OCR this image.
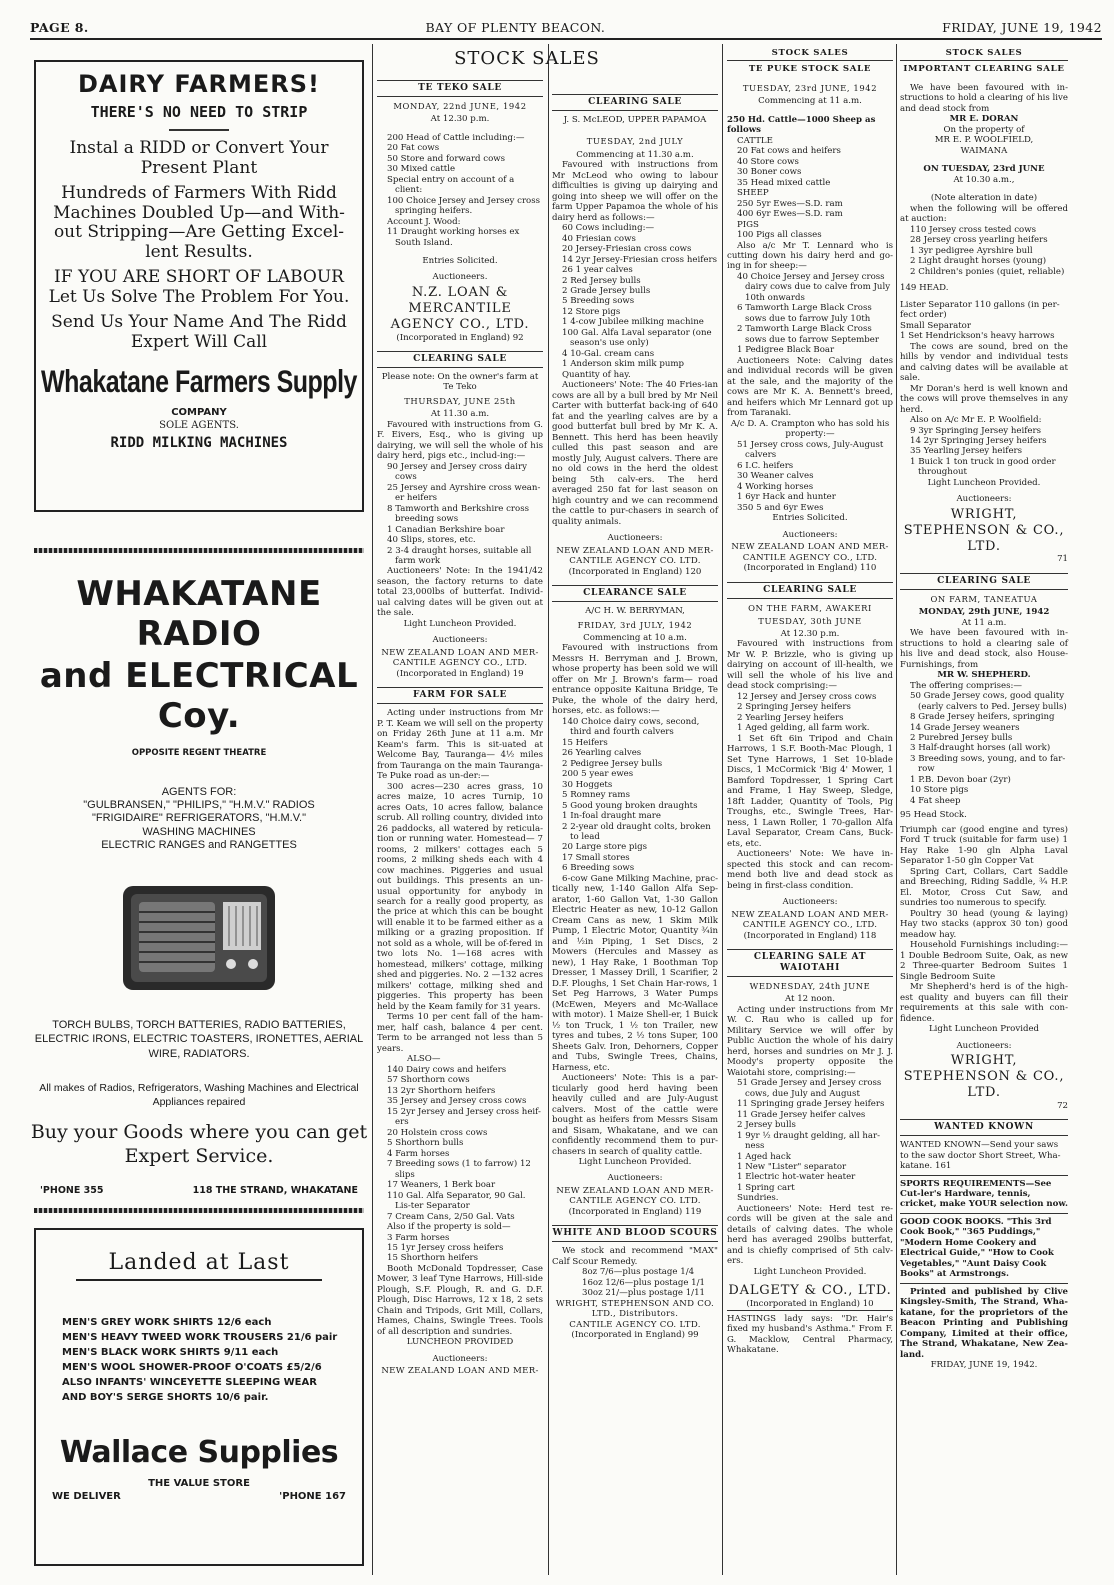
PAGE 8.	BAY OF PLENTY BEACON.	FRIDAY, JUNE 19, 1942
DAIRY FARMERS!
THERE'S NO NEED TO STRIP

Instal a RIDD or Convert Your Present Plant

Hundreds of Farmers With Ridd Machines Doubled Up—and With-out Stripping—Are Getting Excel-lent Results.

IF YOU ARE SHORT OF LABOUR Let Us Solve The Problem For You.

Send Us Your Name And The Ridd Expert Will Call

Whakatane Farmers Supply
COMPANY
SOLE AGENTS.
RIDD MILKING MACHINES
WHAKATANE RADIO
and ELECTRICAL Coy.
OPPOSITE REGENT THEATRE
AGENTS FOR:
"GULBRANSEN," "PHILIPS," "H.M.V." RADIOS
"FRIGIDAIRE" REFRIGERATORS, "H.M.V."
WASHING MACHINES
ELECTRIC RANGES and RANGETTES

TORCH BULBS, TORCH BATTERIES, RADIO BATTERIES, ELECTRIC IRONS, ELECTRIC TOASTERS, IRONETTES, AERIAL WIRE, RADIATORS.

All makes of Radios, Refrigerators, Washing Machines and Electrical Appliances repaired

Buy your Goods where you can get Expert Service.

'PHONE 355	118 THE STRAND, WHAKATANE
Landed at Last
MEN'S GREY WORK SHIRTS 12/6 each
MEN'S HEAVY TWEED WORK TROUSERS 21/6 pair
MEN'S BLACK WORK SHIRTS 9/11 each
MEN'S WOOL SHOWER-PROOF O'COATS £5/2/6
ALSO INFANTS' WINCEYETTE SLEEPING WEAR
AND BOY'S SERGE SHORTS 10/6 pair.
Wallace Supplies
THE VALUE STORE
WE DELIVER	'PHONE 167
STOCK SALES
TE TEKO SALE
MONDAY, 22nd JUNE, 1942
At 12.30 p.m.
200 Head of Cattle including:—
20 Fat cows
50 Store and forward cows
30 Mixed cattle
Special entry on account of a client:
100 Choice Jersey and Jersey cross springing heifers.
Account J. Wood:
11 Draught working horses ex South Island.
Entries Solicited.
Auctioneers.
N.Z. LOAN & MERCANTILE AGENCY CO., LTD.
(Incorporated in England) 92
CLEARING SALE

Please note: On the owner's farm at Te Teko

THURSDAY, JUNE 25th
At 11.30 a.m.

Favoured with instructions from G. F. Eivers, Esq., who is giving up dairying, we will sell the whole of his dairy herd, pigs etc., includ-ing:—

90 Jersey and Jersey cross dairy cows
25 Jersey and Ayrshire cross wean-er heifers
8 Tamworth and Berkshire cross breeding sows
1 Canadian Berkshire boar
40 Slips, stores, etc.
2 3-4 draught horses, suitable all farm work

Auctioneers' Note: In the 1941/42 season, the factory returns to date total 23,000lbs of butterfat. Individ-ual calving dates will be given out at the sale.

Light Luncheon Provided.
Auctioneers:
NEW ZEALAND LOAN AND MER-CANTILE AGENCY CO., LTD.
(Incorporated in England) 19
FARM FOR SALE

Acting under instructions from Mr P. T. Keam we will sell on the property on Friday 26th June at 11 a.m. Mr Keam's farm. This is sit-uated at Welcome Bay, Tauranga— 4½ miles from Tauranga on the main Tauranga-Te Puke road as un-der:—

300 acres—230 acres grass, 10 acres maize, 10 acres Turnip, 10 acres Oats, 10 acres fallow, balance scrub. All rolling country, divided into 26 paddocks, all watered by reticula-tion or running water. Homestead— 7 rooms, 2 milkers' cottages each 5 rooms, 2 milking sheds each with 4 cow machines. Piggeries and usual out buildings. This presents an un-usual opportunity for anybody in search for a really good property, as the price at which this can be bought will enable it to be farmed either as a milking or a grazing proposition. If not sold as a whole, will be of-fered in two lots No. 1—168 acres with homestead, milkers' cottage, milking shed and piggeries. No. 2 —132 acres milkers' cottage, milking shed and piggeries. This property has been held by the Keam family for 31 years.

Terms 10 per cent fall of the ham-mer, half cash, balance 4 per cent. Term to be arranged not less than 5 years.

ALSO—
140 Dairy cows and heifers
57 Shorthorn cows
13 2yr Shorthorn heifers
35 Jersey and Jersey cross cows
15 2yr Jersey and Jersey cross heif-ers
20 Holstein cross cows
5 Shorthorn bulls
4 Farm horses
7 Breeding sows (1 to farrow) 12 slips
17 Weaners, 1 Berk boar
110 Gal. Alfa Separator, 90 Gal. Lis-ter Separator
7 Cream Cans, 2/50 Gal. Vats
Also if the property is sold—
3 Farm horses
15 1yr Jersey cross heifers
15 Shorthorn heifers

Booth McDonald Topdresser, Case Mower, 3 leaf Tyne Harrows, Hill-side Plough, S.F. Plough, R. and G. D.F. Plough, Disc Harrows, 12 x 18, 2 sets Chain and Tripods, Grit Mill, Collars, Hames, Chains, Swingle Trees. Tools of all description and sundries.

LUNCHEON PROVIDED
Auctioneers:
NEW ZEALAND LOAN AND MER-
CLEARING SALE
J. S. McLEOD, UPPER PAPAMOA
TUESDAY, 2nd JULY
Commencing at 11.30 a.m.

Favoured with instructions from Mr McLeod who owing to labour difficulties is giving up dairying and going into sheep we will offer on the farm Upper Papamoa the whole of his dairy herd as follows:—

60 Cows including:—
40 Friesian cows
20 Jersey-Friesian cross cows
14 2yr Jersey-Friesian cross heifers
26 1 year calves
2 Red Jersey bulls
2 Grade Jersey bulls
5 Breeding sows
12 Store pigs
1 4-cow Jubilee milking machine
100 Gal. Alfa Laval separator (one season's use only)
4 10-Gal. cream cans
1 Anderson skim milk pump
Quantity of hay.

Auctioneers' Note: The 40 Fries-ian cows are all by a bull bred by Mr Neil Carter with butterfat back-ing of 640 fat and the yearling calves are by a good butterfat bull bred by Mr K. A. Bennett. This herd has been heavily culled this past season and are mostly July, August calvers. There are no old cows in the herd the oldest being 5th calv-ers. The herd averaged 250 fat for last season on high country and we can recommend the cattle to pur-chasers in search of quality animals.

Auctioneers:
NEW ZEALAND LOAN AND MER-CANTILE AGENCY CO. LTD.
(Incorporated in England) 120
CLEARANCE SALE
A/C H. W. BERRYMAN,
FRIDAY, 3rd JULY, 1942
Commencing at 10 a.m.

Favoured with instructions from Messrs H. Berryman and J. Brown, whose property has been sold we will offer on Mr J. Brown's farm— road entrance opposite Kaituna Bridge, Te Puke, the whole of the dairy herd, horses, etc. as follows:—

140 Choice dairy cows, second, third and fourth calvers
15 Heifers
26 Yearling calves
2 Pedigree Jersey bulls
200 5 year ewes
30 Hoggets
5 Romney rams
5 Good young broken draughts
1 In-foal draught mare
2 2-year old draught colts, broken to lead
20 Large store pigs
17 Small stores
6 Breeding sows

6-cow Gane Milking Machine, prac-tically new, 1-140 Gallon Alfa Sep-arator, 1-60 Gallon Vat, 1-30 Gallon Electric Heater as new, 10-12 Gallon Cream Cans as new, 1 Skim Milk Pump, 1 Electric Motor, Quantity ¾in and ½in Piping, 1 Set Discs, 2 Mowers (Hercules and Massey as new), 1 Hay Rake, 1 Boothman Top Dresser, 1 Massey Drill, 1 Scarifier, 2 D.F. Ploughs, 1 Set Chain Har-rows, 1 Set Peg Harrows, 3 Water Pumps (McEwen, Meyers and Mc-Wallace with motor). 1 Maize Shell-er, 1 Buick ½ ton Truck, 1 ½ ton Trailer, new tyres and tubes, 2 ½ tons Super, 100 Sheets Galv. Iron, Dehorners, Copper and Tubs, Swingle Trees, Chains, Harness, etc.

Auctioneers' Note: This is a par-ticularly good herd having been heavily culled and are July-August calvers. Most of the cattle were bought as heifers from Messrs Sisam and Sisam, Whakatane, and we can confidently recommend them to pur-chasers in search of quality cattle.

Light Luncheon Provided.
Auctioneers:
NEW ZEALAND LOAN AND MER-CANTILE AGENCY CO. LTD.
(Incorporated in England) 119
WHITE AND BLOOD SCOURS

We stock and recommend "MAX" Calf Scour Remedy.

8oz 7/6—plus postage 1/4
16oz 12/6—plus postage 1/1
30oz 21/—plus postage 1/11
WRIGHT, STEPHENSON AND CO. LTD., Distributors.
CANTILE AGENCY CO. LTD.
(Incorporated in England) 99
STOCK SALES
TE PUKE STOCK SALE
TUESDAY, 23rd JUNE, 1942
Commencing at 11 a.m.
250 Hd. Cattle—1000 Sheep as follows
CATTLE
20 Fat cows and heifers
40 Store cows
30 Boner cows
35 Head mixed cattle
SHEEP
250 5yr Ewes—S.D. ram
400 6yr Ewes—S.D. ram
PIGS
100 Pigs all classes

Also a/c Mr T. Lennard who is cutting down his dairy herd and go-ing in for sheep:—

40 Choice Jersey and Jersey cross dairy cows due to calve from July 10th onwards
6 Tamworth Large Black Cross sows due to farrow July 10th
2 Tamworth Large Black Cross sows due to farrow September
1 Pedigree Black Boar

Auctioneers Note: Calving dates and individual records will be given at the sale, and the majority of the cows are Mr K. A. Bennett's breed, and heifers which Mr Lennard got up from Taranaki.

A/c D. A. Crampton who has sold his property:—
51 Jersey cross cows, July-August calvers
6 I.C. heifers
30 Weaner calves
4 Working horses
1 6yr Hack and hunter
350 5 and 6yr Ewes
Entries Solicited.
Auctioneers:
NEW ZEALAND LOAN AND MER-CANTILE AGENCY CO., LTD.
(Incorporated in England) 110
CLEARING SALE
ON THE FARM, AWAKERI
TUESDAY, 30th JUNE
At 12.30 p.m.

Favoured with instructions from Mr W. P. Brizzle, who is giving up dairying on account of ill-health, we will sell the whole of his live and dead stock comprising:—

12 Jersey and Jersey cross cows
2 Springing Jersey heifers
2 Yearling Jersey heifers
1 Aged gelding, all farm work.

1 Set 6ft 6in Tripod and Chain Harrows, 1 S.F. Booth-Mac Plough, 1 Set Tyne Harrows, 1 Set 10-blade Discs, 1 McCormick 'Big 4' Mower, 1 Bamford Topdresser, 1 Spring Cart and Frame, 1 Hay Sweep, Sledge, 18ft Ladder, Quantity of Tools, Pig Troughs, etc., Swingle Trees, Har-ness, 1 Lawn Roller, 1 70-gallon Alfa Laval Separator, Cream Cans, Buck-ets, etc.

Auctioneers' Note: We have in-spected this stock and can recom-mend both live and dead stock as being in first-class condition.

Auctioneers:
NEW ZEALAND LOAN AND MER-CANTILE AGENCY CO., LTD.
(Incorporated in England) 118
CLEARING SALE AT WAIOTAHI
WEDNESDAY, 24th JUNE
At 12 noon.

Acting under instructions from Mr W. C. Rau who is called up for Military Service we will offer by Public Auction the whole of his dairy herd, horses and sundries on Mr J. J. Moody's property opposite the Waiotahi store, comprising:—

51 Grade Jersey and Jersey cross cows, due July and August
11 Springing grade Jersey heifers
11 Grade Jersey heifer calves
2 Jersey bulls
1 9yr ½ draught gelding, all har-ness
1 Aged hack
1 New "Lister" separator
1 Electric hot-water heater
1 Spring cart
Sundries.

Auctioneers' Note: Herd test re-cords will be given at the sale and details of calving dates. The whole herd has averaged 290lbs butterfat, and is chiefly comprised of 5th calv-ers.

Light Luncheon Provided.
DALGETY & CO., LTD.
(Incorporated in England) 10

HASTINGS lady says: "Dr. Hair's fixed my husband's Asthma." From F. G. Macklow, Central Pharmacy, Whakatane.

STOCK SALES
IMPORTANT CLEARING SALE

We have been favoured with in-structions to hold a clearing of his live and dead stock from

MR E. DORAN
On the property of
MR E. P. WOOLFIELD,
WAIMANA
ON TUESDAY, 23rd JUNE
At 10.30 a.m.,
(Note alteration in date)

when the following will be offered at auction:

110 Jersey cross tested cows
28 Jersey cross yearling heifers
1 3yr pedigree Ayrshire bull
2 Light draught horses (young)
2 Children's ponies (quiet, reliable)
149 HEAD.
Lister Separator 110 gallons (in per-fect order)
Small Separator
1 Set Hendrickson's heavy harrows

The cows are sound, bred on the hills by vendor and individual tests and calving dates will be available at sale.

Mr Doran's herd is well known and the cows will prove themselves in any herd.

Also on A/c Mr E. P. Woolfield:
9 3yr Springing Jersey heifers
14 2yr Springing Jersey heifers
35 Yearling Jersey heifers
1 Buick 1 ton truck in good order throughout
Light Luncheon Provided.
Auctioneers:
WRIGHT, STEPHENSON & CO., LTD.
71
CLEARING SALE
ON FARM, TANEATUA
MONDAY, 29th JUNE, 1942
At 11 a.m.

We have been favoured with in-structions to hold a clearing sale of his live and dead stock, also House-Furnishings, from

MR W. SHEPHERD.
The offering comprises:—
50 Grade Jersey cows, good quality (early calvers to Ped. Jersey bulls)
8 Grade Jersey heifers, springing
14 Grade Jersey weaners
2 Purebred Jersey bulls
3 Half-draught horses (all work)
3 Breeding sows, young, and to far-row
1 P.B. Devon boar (2yr)
10 Store pigs
4 Fat sheep
95 Head Stock.

Triumph car (good engine and tyres) Ford T truck (suitable for farm use) 1 Hay Rake 1-90 gln Alpha Laval Separator 1-50 gln Copper Vat

Spring Cart, Collars, Cart Saddle and Breeching, Riding Saddle, ¾ H.P. El. Motor, Cross Cut Saw, and sundries too numerous to specify.

Poultry 30 head (young & laying) Hay two stacks (approx 30 ton) good meadow hay.

Household Furnishings including:— 1 Double Bedroom Suite, Oak, as new 2 Three-quarter Bedroom Suites 1 Single Bedroom Suite

Mr Shepherd's herd is of the high-est quality and buyers can fill their requirements at this sale with con-fidence.

Light Luncheon Provided
Auctioneers:
WRIGHT, STEPHENSON & CO., LTD.
72
WANTED KNOWN

WANTED KNOWN—Send your saws to the saw doctor Short Street, Wha-katane. 161

SPORTS REQUIREMENTS—See Cut-ler's Hardware, tennis, cricket, make YOUR selection now.

GOOD COOK BOOKS. "This 3rd Cook Book," "365 Puddings," "Modern Home Cookery and Electrical Guide," "How to Cook Vegetables," "Aunt Daisy Cook Books" at Armstrongs.

Printed and published by Clive Kingsley-Smith, The Strand, Wha-katane, for the proprietors of the Beacon Printing and Publishing Company, Limited at their office, The Strand, Whakatane, New Zea-land.

FRIDAY, JUNE 19, 1942.
